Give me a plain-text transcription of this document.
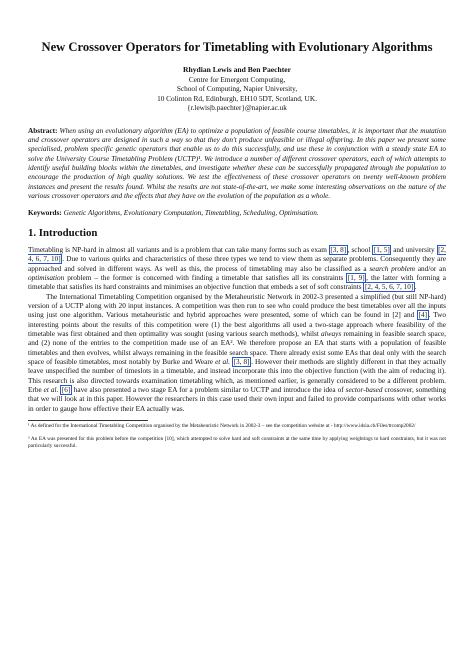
New Crossover Operators for Timetabling with Evolutionary Algorithms
Rhydian Lewis and Ben Paechter
Centre for Emergent Computing,
School of Computing, Napier University,
10 Colinton Rd, Edinburgh, EH10 5DT, Scotland, UK.
{r.lewis|b.paechter}@napier.ac.uk

Abstract: When using an evolutionary algorithm (EA) to optimize a population of feasible course timetables, it is important that the mutation and crossover operators are designed in such a way so that they don't produce unfeasible or illegal offspring. In this paper we present some specialised, problem specific genetic operators that enable us to do this successfully, and use these in conjunction with a steady state EA to solve the University Course Timetabling Problem (UCTP)¹. We introduce a number of different crossover operators, each of which attempts to identify useful building blocks within the timetables, and investigate whether these can be successfully propagated through the population to encourage the production of high quality solutions. We test the effectiveness of these crossover operators on twenty well-known problem instances and present the results found. Whilst the results are not state-of-the-art, we make some interesting observations on the nature of the various crossover operators and the effects that they have on the evolution of the population as a whole.

Keywords: Genetic Algorithms, Evolutionary Computation, Timetabling, Scheduling, Optimisation.

1. Introduction

Timetabling is NP-hard in almost all variants and is a problem that can take many forms such as exam [3, 8] , school [1, 5] and university [2, 4, 6, 7, 10] . Due to various quirks and characteristics of these three types we tend to view them as separate problems. Consequently they are approached and solved in different ways. As well as this, the process of timetabling may also be classified as a search problem and/or an optimisation problem – the former is concerned with finding a timetable that satisfies all its constraints [1, 9] , the latter with forming a timetable that satisfies its hard constraints and minimises an objective function that embeds a set of soft constraints [2, 4, 5, 6, 7, 10] .

The International Timetabling Competition organised by the Metaheuristic Network in 2002-3 presented a simplified (but still NP-hard) version of a UCTP along with 20 input instances. A competition was then run to see who could produce the best timetables over all the inputs using just one algorithm. Various metaheuristic and hybrid approaches were presented, some of which can be found in [2] and [4] . Two interesting points about the results of this competition were (1) the best algorithms all used a two-stage approach where feasibility of the timetable was first obtained and then optimality was sought (using various search methods), whilst always remaining in feasible search space, and (2) none of the entries to the competition made use of an EA². We therefore propose an EA that starts with a population of feasible timetables and then evolves, whilst always remaining in the feasible search space. There already exist some EAs that deal only with the search space of feasible timetables, most notably by Burke and Weare et al. [3, 8] . However their methods are slightly different in that they actually leave unspecified the number of timeslots in a timetable, and instead incorporate this into the objective function (with the aim of reducing it). This research is also directed towards examination timetabling which, as mentioned earlier, is generally considered to be a different problem. Erbe et al. [6] have also presented a two stage EA for a problem similar to UCTP and introduce the idea of sector-based crossover, something that we will look at in this paper. However the researchers in this case used their own input and failed to provide comparisons with other works in order to gauge how effective their EA actually was.

¹ As defined for the International Timetabling Competition organised by the Metaheuristic Network in 2002-3 – see the competition website at - http://www.idsia.ch/Files/ttcomp2002/

² An EA was presented for this problem before the competition [10], which attempted to solve hard and soft constraints at the same time by applying weightings to hard constraints, but it was not particularly successful.
